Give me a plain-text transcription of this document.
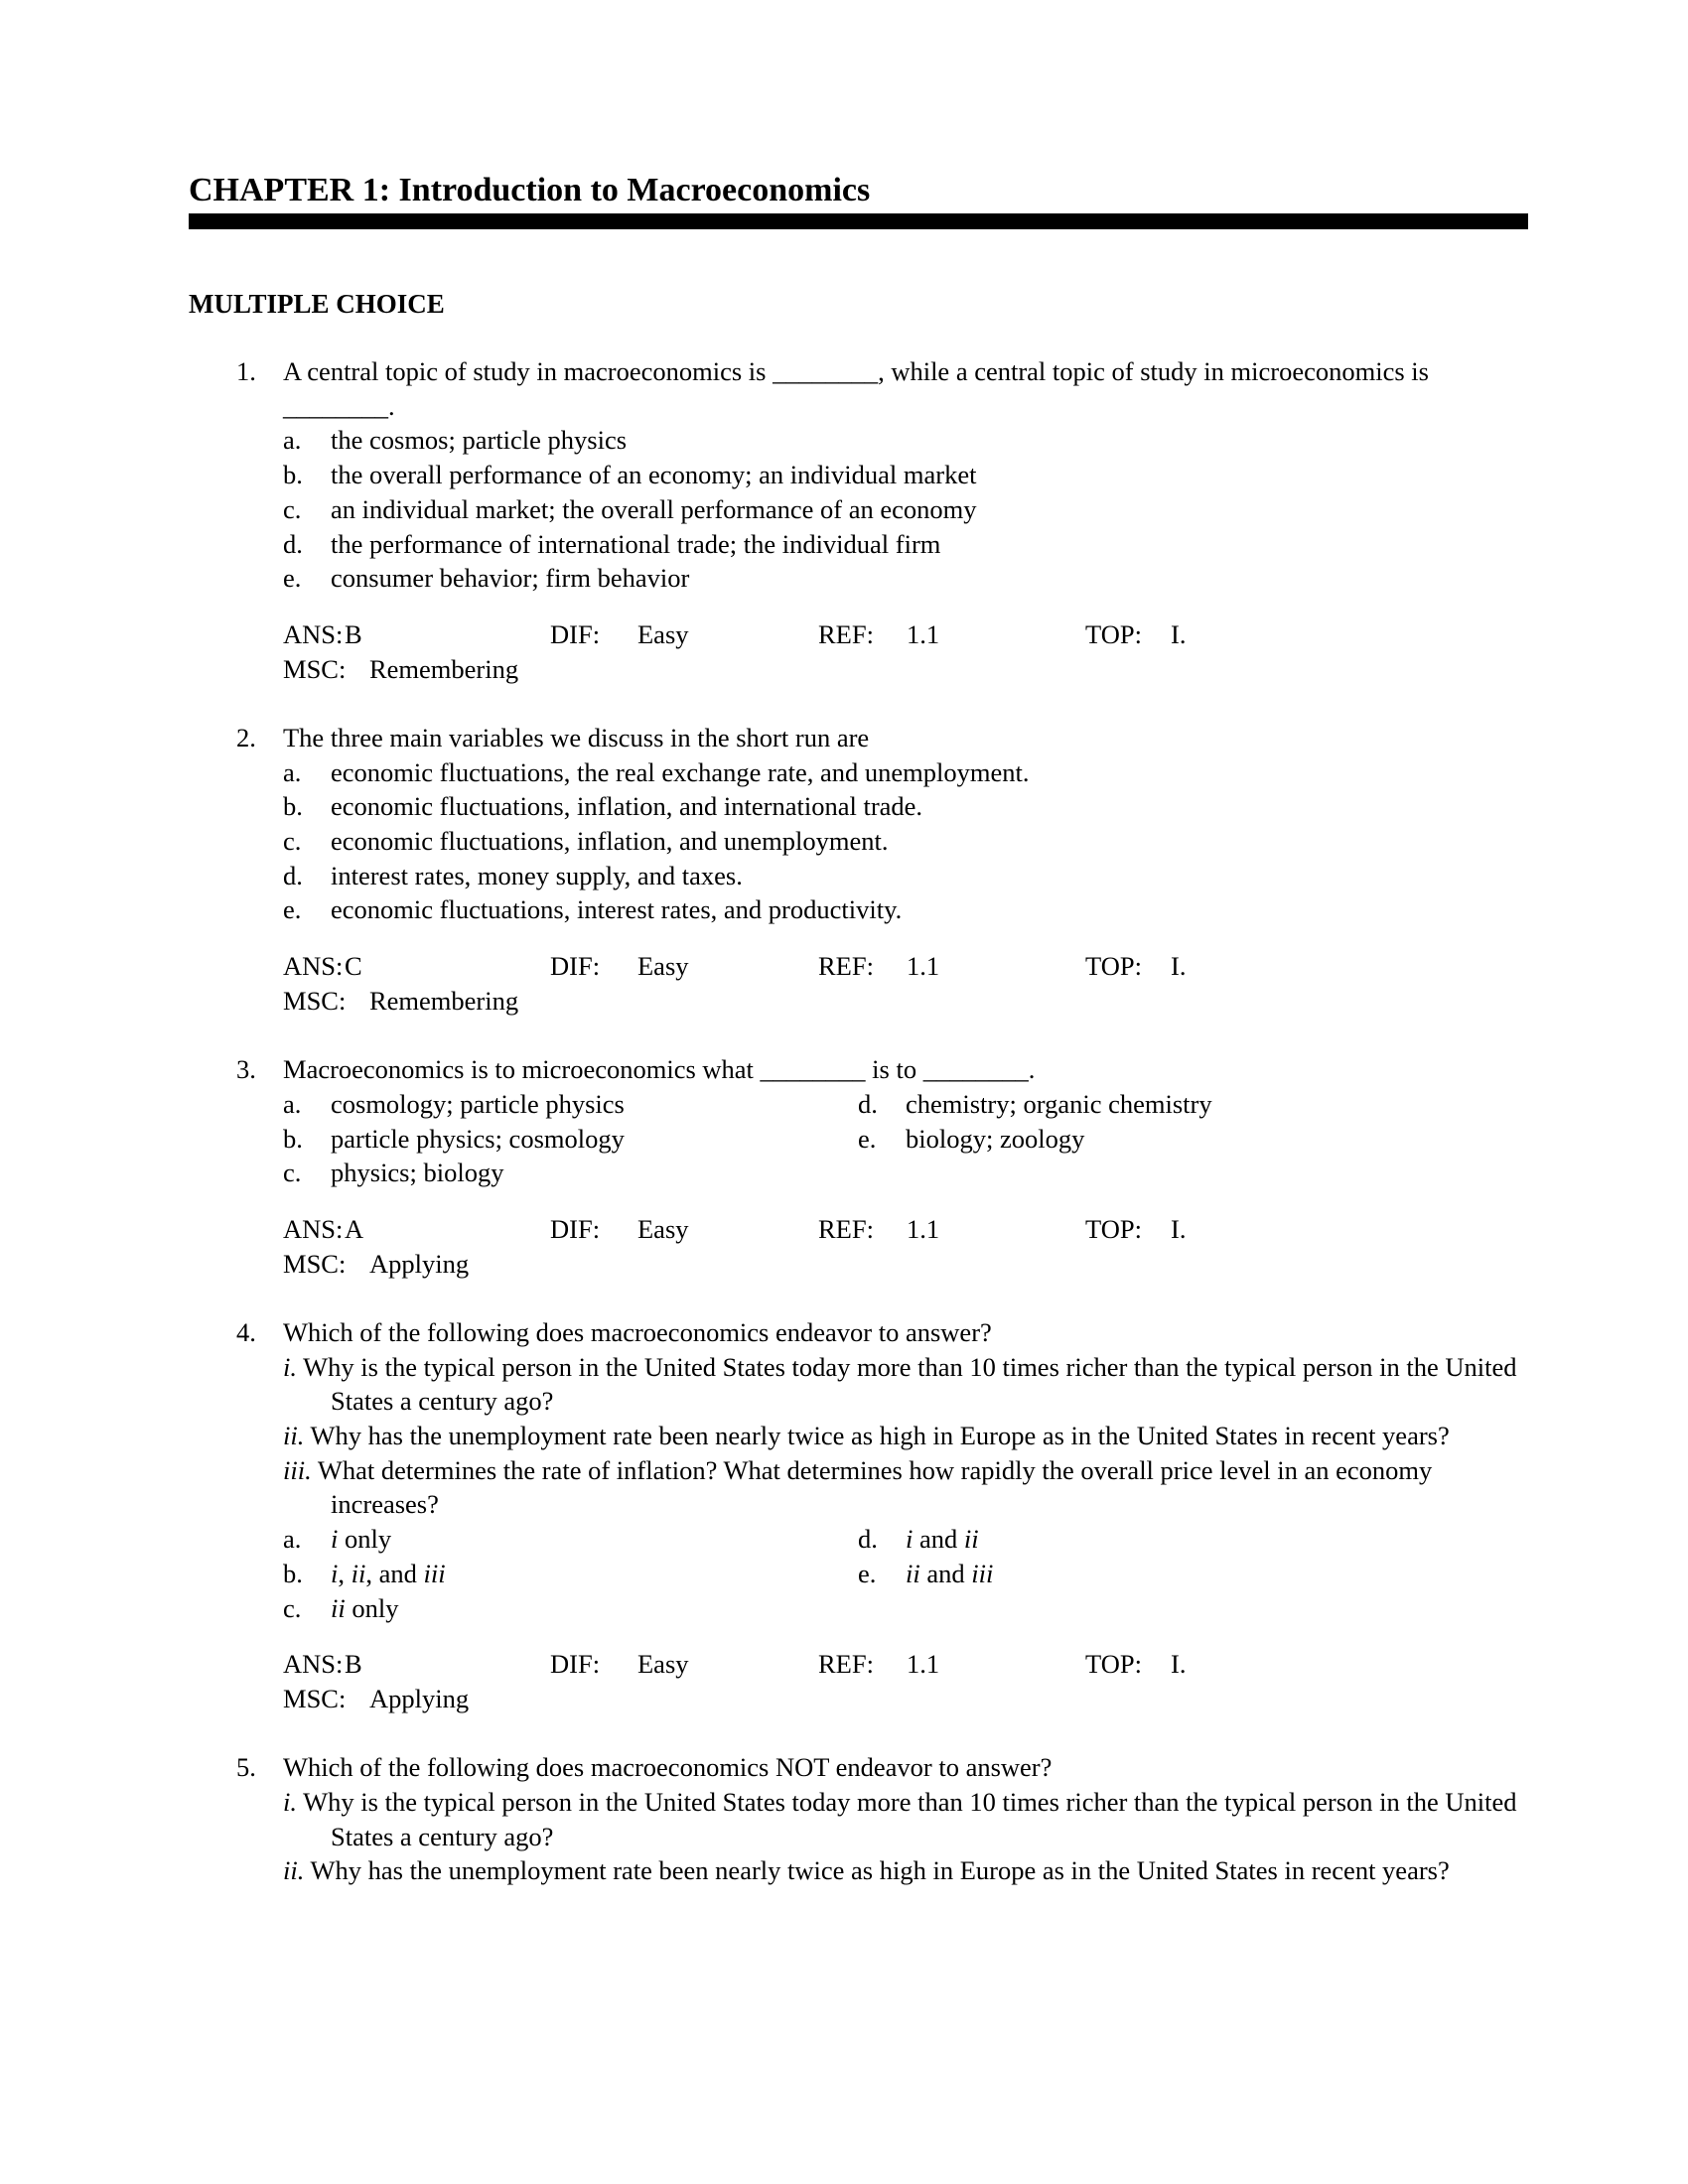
CHAPTER 1: Introduction to Macroeconomics
MULTIPLE CHOICE
1. A central topic of study in macroeconomics is ________, while a central topic of study in microeconomics is ________.
a. the cosmos; particle physics
b. the overall performance of an economy; an individual market
c. an individual market; the overall performance of an economy
d. the performance of international trade; the individual firm
e. consumer behavior; firm behavior
ANS: B	DIF: Easy	REF: 1.1	TOP: I.
MSC: Remembering
2. The three main variables we discuss in the short run are
a. economic fluctuations, the real exchange rate, and unemployment.
b. economic fluctuations, inflation, and international trade.
c. economic fluctuations, inflation, and unemployment.
d. interest rates, money supply, and taxes.
e. economic fluctuations, interest rates, and productivity.
ANS: C	DIF: Easy	REF: 1.1	TOP: I.
MSC: Remembering
3. Macroeconomics is to microeconomics what ________ is to ________.
a. cosmology; particle physics
b. particle physics; cosmology
c. physics; biology
d. chemistry; organic chemistry
e. biology; zoology
ANS: A	DIF: Easy	REF: 1.1	TOP: I.
MSC: Applying
4. Which of the following does macroeconomics endeavor to answer?
i. Why is the typical person in the United States today more than 10 times richer than the typical person in the United States a century ago?
ii. Why has the unemployment rate been nearly twice as high in Europe as in the United States in recent years?
iii. What determines the rate of inflation? What determines how rapidly the overall price level in an economy increases?
a. i only
b. i, ii, and iii
c. ii only
d. i and ii
e. ii and iii
ANS: B	DIF: Easy	REF: 1.1	TOP: I.
MSC: Applying
5. Which of the following does macroeconomics NOT endeavor to answer?
i. Why is the typical person in the United States today more than 10 times richer than the typical person in the United States a century ago?
ii. Why has the unemployment rate been nearly twice as high in Europe as in the United States in recent years?
